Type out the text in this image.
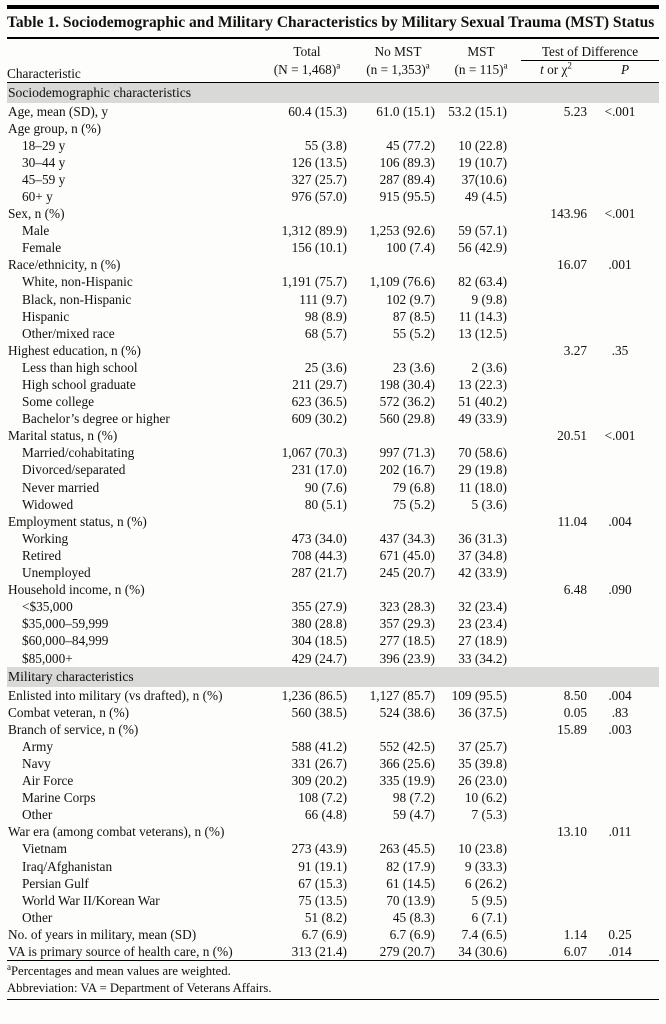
Table 1. Sociodemographic and Military Characteristics by Military Sexual Trauma (MST) Status
Characteristic	Total	No MST	MST	Test of Difference	
	(N = 1,468)$^a$	(n = 1,353)$^a$	(n = 115)$^a$	t or $\chi^2$	P
Sociodemographic characteristics					
Age, mean (SD), y	60.4 (15.3)	61.0 (15.1)	53.2 (15.1)	5.23	<.001
Age group, n (%)					
18–29 y	55 (3.8)	45 (77.2)	10 (22.8)		
30–44 y	126 (13.5)	106 (89.3)	19 (10.7)		
45–59 y	327 (25.7)	287 (89.4)	37(10.6)		
60+ y	976 (57.0)	915 (95.5)	49 (4.5)		
Sex, n (%)				143.96	<.001
Male	1,312 (89.9)	1,253 (92.6)	59 (57.1)		
Female	156 (10.1)	100 (7.4)	56 (42.9)		
Race/ethnicity, n (%)				16.07	.001
White, non-Hispanic	1,191 (75.7)	1,109 (76.6)	82 (63.4)		
Black, non-Hispanic	111 (9.7)	102 (9.7)	9 (9.8)		
Hispanic	98 (8.9)	87 (8.5)	11 (14.3)		
Other/mixed race	68 (5.7)	55 (5.2)	13 (12.5)		
Highest education, n (%)				3.27	.35
Less than high school	25 (3.6)	23 (3.6)	2 (3.6)		
High school graduate	211 (29.7)	198 (30.4)	13 (22.3)		
Some college	623 (36.5)	572 (36.2)	51 (40.2)		
Bachelor’s degree or higher	609 (30.2)	560 (29.8)	49 (33.9)		
Marital status, n (%)				20.51	<.001
Married/cohabitating	1,067 (70.3)	997 (71.3)	70 (58.6)		
Divorced/separated	231 (17.0)	202 (16.7)	29 (19.8)		
Never married	90 (7.6)	79 (6.8)	11 (18.0)		
Widowed	80 (5.1)	75 (5.2)	5 (3.6)		
Employment status, n (%)				11.04	.004
Working	473 (34.0)	437 (34.3)	36 (31.3)		
Retired	708 (44.3)	671 (45.0)	37 (34.8)		
Unemployed	287 (21.7)	245 (20.7)	42 (33.9)		
Household income, n (%)				6.48	.090
<$35,000	355 (27.9)	323 (28.3)	32 (23.4)		
$35,000–59,999	380 (28.8)	357 (29.3)	23 (23.4)		
$60,000–84,999	304 (18.5)	277 (18.5)	27 (18.9)		
$85,000+	429 (24.7)	396 (23.9)	33 (34.2)		
Military characteristics					
Enlisted into military (vs drafted), n (%)	1,236 (86.5)	1,127 (85.7)	109 (95.5)	8.50	.004
Combat veteran, n (%)	560 (38.5)	524 (38.6)	36 (37.5)	0.05	.83
Branch of service, n (%)				15.89	.003
Army	588 (41.2)	552 (42.5)	37 (25.7)		
Navy	331 (26.7)	366 (25.6)	35 (39.8)		
Air Force	309 (20.2)	335 (19.9)	26 (23.0)		
Marine Corps	108 (7.2)	98 (7.2)	10 (6.2)		
Other	66 (4.8)	59 (4.7)	7 (5.3)		
War era (among combat veterans), n (%)				13.10	.011
Vietnam	273 (43.9)	263 (45.5)	10 (23.8)		
Iraq/Afghanistan	91 (19.1)	82 (17.9)	9 (33.3)		
Persian Gulf	67 (15.3)	61 (14.5)	6 (26.2)		
World War II/Korean War	75 (13.5)	70 (13.9)	5 (9.5)		
Other	51 (8.2)	45 (8.3)	6 (7.1)		
No. of years in military, mean (SD)	6.7 (6.9)	6.7 (6.9)	7.4 (6.5)	1.14	0.25
VA is primary source of health care, n (%)	313 (21.4)	279 (20.7)	34 (30.6)	6.07	.014
$^a$Percentages and mean values are weighted.
Abbreviation: VA = Department of Veterans Affairs.
